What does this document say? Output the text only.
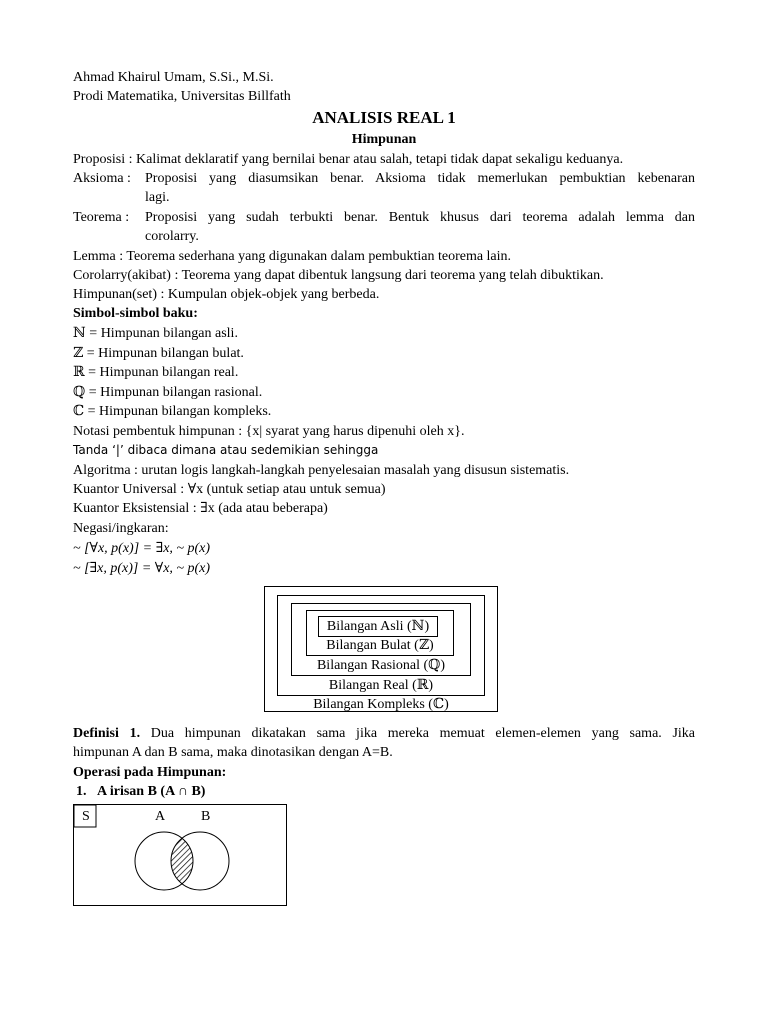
Ahmad Khairul Umam, S.Si., M.Si.
Prodi Matematika, Universitas Billfath
ANALISIS REAL 1
Himpunan
Proposisi : Kalimat deklaratif yang bernilai benar atau salah, tetapi tidak dapat sekaligu keduanya.
Aksioma : Proposisi yang diasumsikan benar. Aksioma tidak memerlukan pembuktian kebenaran
lagi.
Teorema : Proposisi yang sudah terbukti benar. Bentuk khusus dari teorema adalah lemma dan
corolarry.
Lemma : Teorema sederhana yang digunakan dalam pembuktian teorema lain.
Corolarry(akibat) : Teorema yang dapat dibentuk langsung dari teorema yang telah dibuktikan.
Himpunan(set) : Kumpulan objek-objek yang berbeda.
Simbol-simbol baku:
ℕ = Himpunan bilangan asli.
ℤ = Himpunan bilangan bulat.
ℝ = Himpunan bilangan real.
ℚ = Himpunan bilangan rasional.
ℂ = Himpunan bilangan kompleks.
Notasi pembentuk himpunan : {x| syarat yang harus dipenuhi oleh x}.
Tanda ‘|’ dibaca dimana atau sedemikian sehingga
Algoritma : urutan logis langkah-langkah penyelesaian masalah yang disusun sistematis.
Kuantor Universal : ∀x (untuk setiap atau untuk semua)
Kuantor Eksistensial : ∃x (ada atau beberapa)
Negasi/ingkaran:
~ [∀x, p(x)] = ∃x, ~ p(x)
~ [∃x, p(x)] = ∀x, ~ p(x)
Bilangan Kompleks (ℂ)
Bilangan Real (ℝ)
Bilangan Rasional (ℚ)
Bilangan Bulat (ℤ)
Bilangan Asli (ℕ)
Definisi 1. Dua himpunan dikatakan sama jika mereka memuat elemen-elemen yang sama. Jika
himpunan A dan B sama, maka dinotasikan dengan A=B.
Operasi pada Himpunan:
1. A irisan B (A ∩ B)
S	A	B
